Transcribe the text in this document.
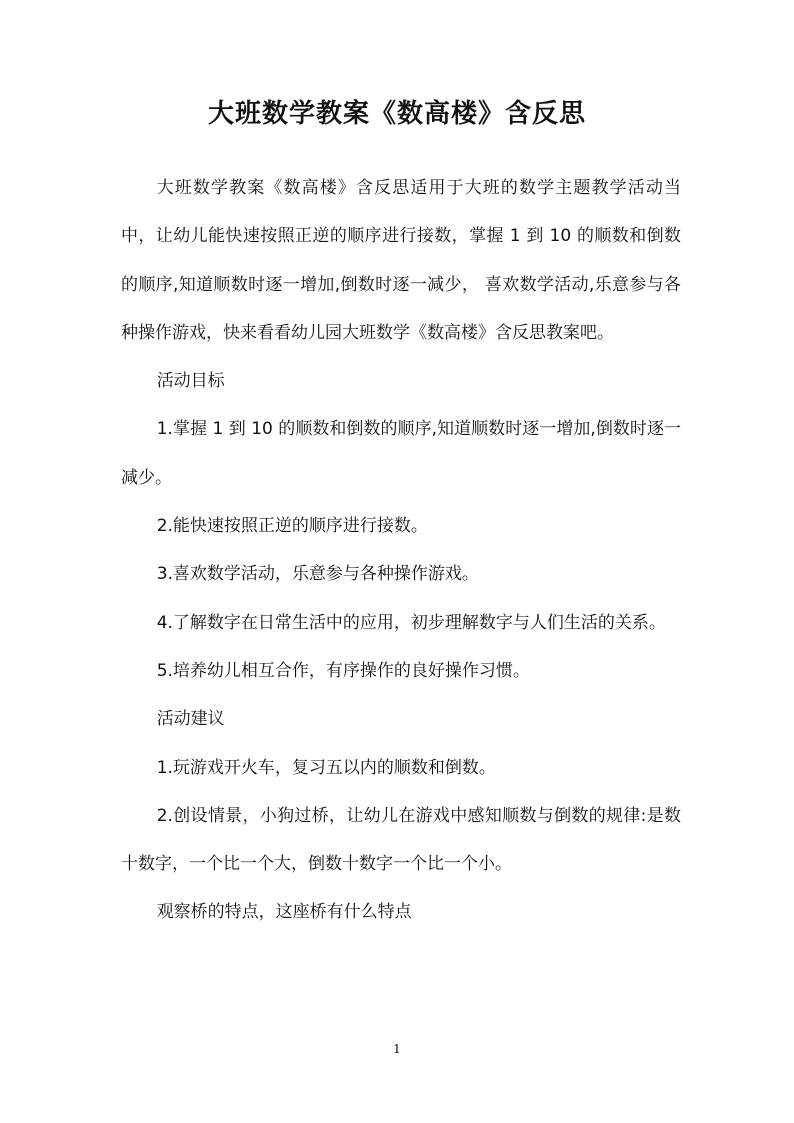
大班数学教案《数高楼》含反思

大班数学教案《数高楼》含反思适用于大班的数学主题教学活动当中，让幼儿能快速按照正逆的顺序进行接数，掌握 1 到 10 的顺数和倒数的顺序,知道顺数时逐一增加,倒数时逐一减少， 喜欢数学活动,乐意参与各种操作游戏，快来看看幼儿园大班数学《数高楼》含反思教案吧。

活动目标

1.掌握 1 到 10 的顺数和倒数的顺序,知道顺数时逐一增加,倒数时逐一减少。

2.能快速按照正逆的顺序进行接数。

3.喜欢数学活动，乐意参与各种操作游戏。

4.了解数字在日常生活中的应用，初步理解数字与人们生活的关系。

5.培养幼儿相互合作，有序操作的良好操作习惯。

活动建议

1.玩游戏开火车，复习五以内的顺数和倒数。

2.创设情景，小狗过桥，让幼儿在游戏中感知顺数与倒数的规律:是数十数字，一个比一个大，倒数十数字一个比一个小。

观察桥的特点，这座桥有什么特点

1
